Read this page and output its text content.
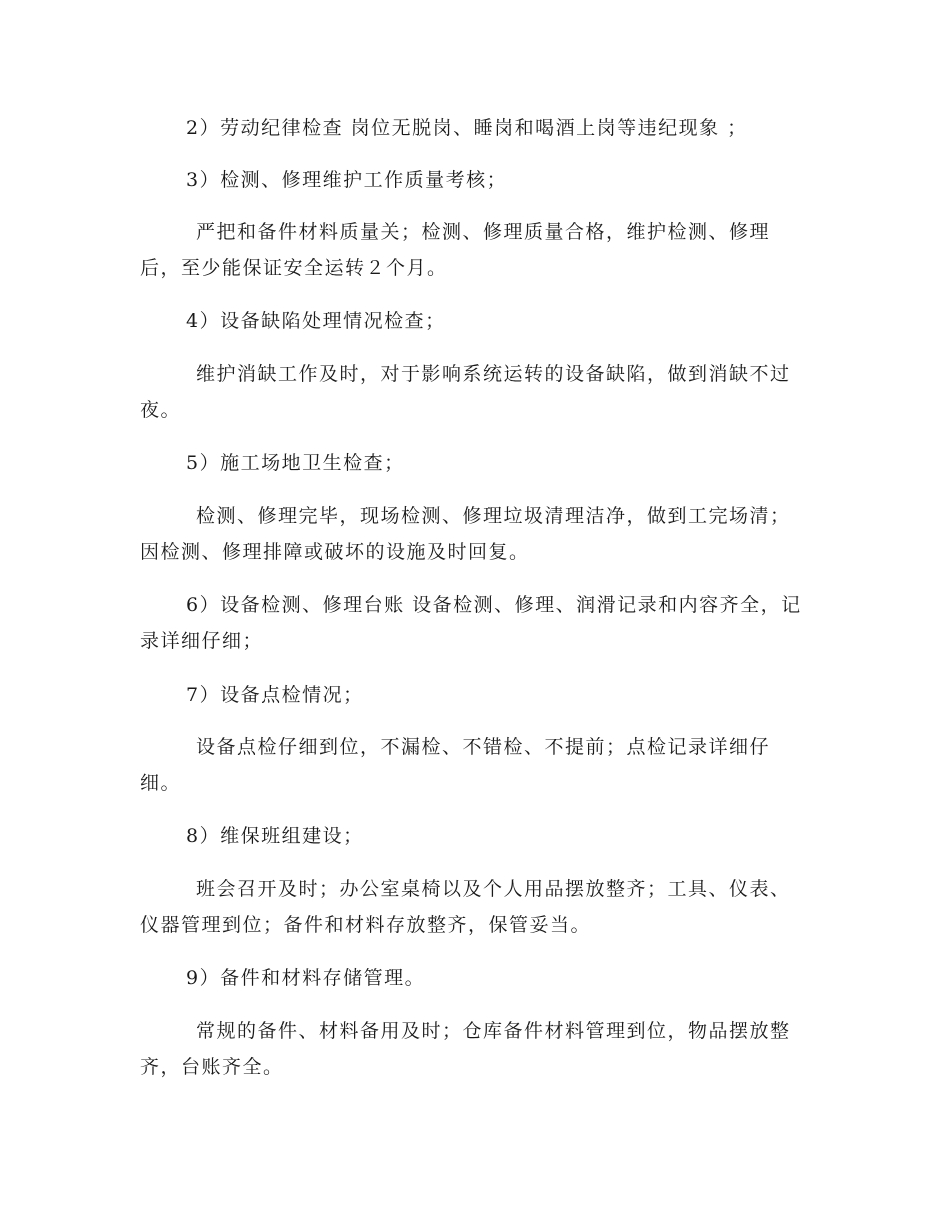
2）劳动纪律检查 岗位无脱岗、睡岗和喝酒上岗等违纪现象 ；

3）检测、修理维护工作质量考核；

严把和备件材料质量关；检测、修理质量合格，维护检测、修理后，至少能保证安全运转２个月。

4）设备缺陷处理情况检查；

维护消缺工作及时，对于影响系统运转的设备缺陷，做到消缺不过夜。

5）施工场地卫生检查；

检测、修理完毕，现场检测、修理垃圾清理洁净，做到工完场清；因检测、修理排障或破坏的设施及时回复。

6）设备检测、修理台账 设备检测、修理、润滑记录和内容齐全，记录详细仔细；

7）设备点检情况；

设备点检仔细到位，不漏检、不错检、不提前；点检记录详细仔细。

8）维保班组建设；

班会召开及时；办公室桌椅以及个人用品摆放整齐；工具、仪表、仪器管理到位；备件和材料存放整齐，保管妥当。

9）备件和材料存储管理。

常规的备件、材料备用及时；仓库备件材料管理到位，物品摆放整齐，台账齐全。
